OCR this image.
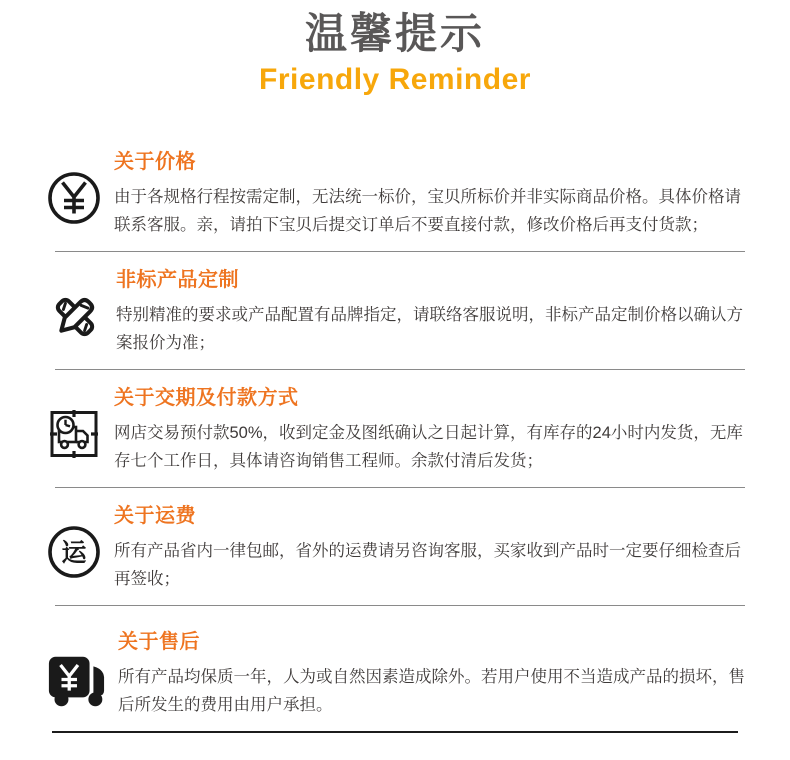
温馨提示
Friendly Reminder
关于价格

由于各规格行程按需定制，无法统一标价，宝贝所标价并非实际商品价格。具体价格请联系客服。亲，请拍下宝贝后提交订单后不要直接付款，修改价格后再支付货款；

非标产品定制

特别精准的要求或产品配置有品牌指定，请联络客服说明，非标产品定制价格以确认方案报价为准；

关于交期及付款方式

网店交易预付款50%，收到定金及图纸确认之日起计算，有库存的24小时内发货，无库存七个工作日，具体请咨询销售工程师。余款付清后发货；

运
关于运费

所有产品省内一律包邮，省外的运费请另咨询客服，买家收到产品时一定要仔细检查后再签收；

关于售后

所有产品均保质一年，人为或自然因素造成除外。若用户使用不当造成产品的损坏，售后所发生的费用由用户承担。
